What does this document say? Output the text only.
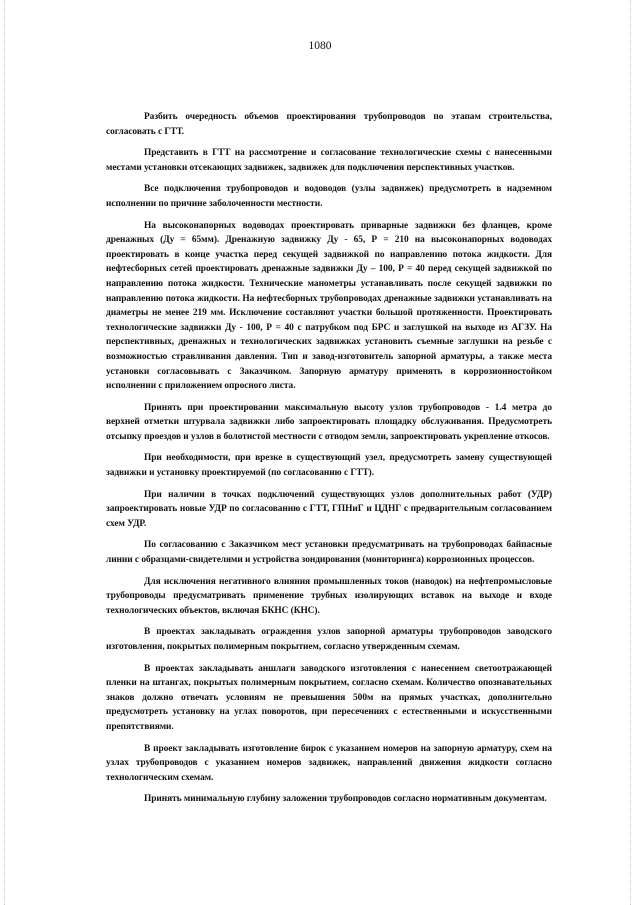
1080

Разбить очередность объемов проектирования трубопроводов по этапам строительства, согласовать с ГТТ.

Представить в ГТТ на рассмотрение и согласование технологические схемы с нанесенными местами установки отсекающих задвижек, задвижек для подключения перспективных участков.

Все подключения трубопроводов и водоводов (узлы задвижек) предусмотреть в надземном исполнении по причине заболоченности местности.

На высоконапорных водоводах проектировать приварные задвижки без фланцев, кроме дренажных (Ду = 65мм). Дренажную задвижку Ду - 65, Р = 210 на высоконапорных водоводах проектировать в конце участка перед секущей задвижкой по направлению потока жидкости. Для нефтесборных сетей проектировать дренажные задвижки Ду – 100, Р = 40 перед секущей задвижкой по направлению потока жидкости. Технические манометры устанавливать после секущей задвижки по направлению потока жидкости. На нефтесборных трубопроводах дренажные задвижки устанавливать на диаметры не менее 219 мм. Исключение составляют участки большой протяженности. Проектировать технологические задвижки Ду - 100, Р = 40 с патрубком под БРС и заглушкой на выходе из АГЗУ. На перспективных, дренажных и технологических задвижках установить съемные заглушки на резьбе с возможностью стравливания давления. Тип и завод-изготовитель запорной арматуры, а также места установки согласовывать с Заказчиком. Запорную арматуру применять в коррозионностойком исполнении с приложением опросного листа.

Принять при проектировании максимальную высоту узлов трубопроводов - 1.4 метра до верхней отметки штурвала задвижки либо запроектировать площадку обслуживания. Предусмотреть отсыпку проездов и узлов в болотистой местности с отводом земли, запроектировать укрепление откосов.

При необходимости, при врезке в существующий узел, предусмотреть замену существующей задвижки и установку проектируемой (по согласованию с ГТТ).

При наличии в точках подключений существующих узлов дополнительных работ (УДР) запроектировать новые УДР по согласованию с ГТТ, ГПНиГ и ЦДНГ с предварительным согласованием схем УДР.

По согласованию с Заказчиком мест установки предусматривать на трубопроводах байпасные линии с образцами-свидетелями и устройства зондирования (мониторинга) коррозионных процессов.

Для исключения негативного влияния промышленных токов (наводок) на нефтепромысловые трубопроводы предусматривать применение трубных изолирующих вставок на выходе и входе технологических объектов, включая БКНС (КНС).

В проектах закладывать ограждения узлов запорной арматуры трубопроводов заводского изготовления, покрытых полимерным покрытием, согласно утвержденным схемам.

В проектах закладывать аншлаги заводского изготовления с нанесением светоотражающей пленки на штангах, покрытых полимерным покрытием, согласно схемам. Количество опознавательных знаков должно отвечать условиям не превышения 500м на прямых участках, дополнительно предусмотреть установку на углах поворотов, при пересечениях с естественными и искусственными препятствиями.

В проект закладывать изготовление бирок с указанием номеров на запорную арматуру, схем на узлах трубопроводов с указанием номеров задвижек, направлений движения жидкости согласно технологическим схемам.

Принять минимальную глубину заложения трубопроводов согласно нормативным документам.
